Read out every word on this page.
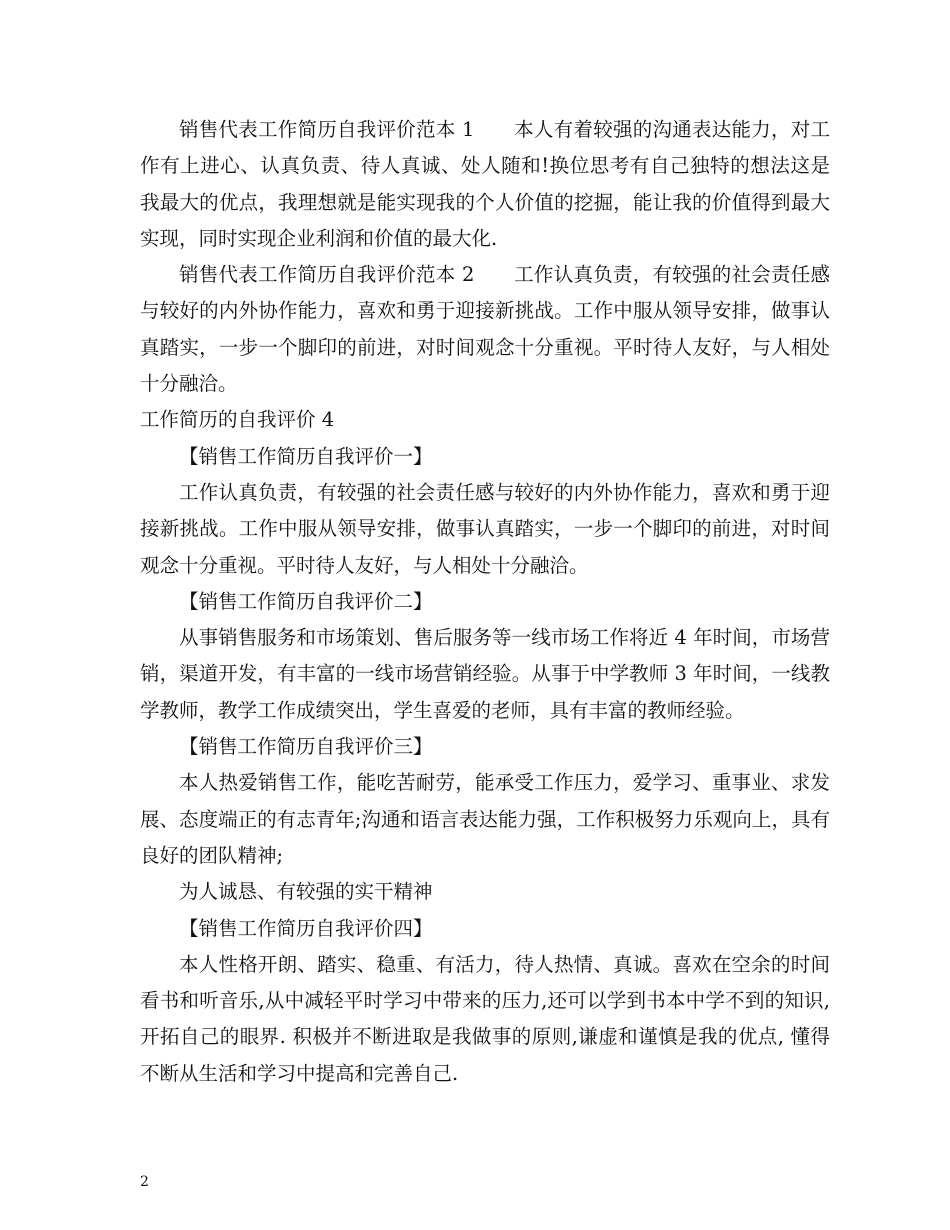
销售代表工作简历自我评价范本 1　　本人有着较强的沟通表达能力，对工作有上进心、认真负责、待人真诚、处人随和!换位思考有自己独特的想法这是我最大的优点，我理想就是能实现我的个人价值的挖掘，能让我的价值得到最大实现，同时实现企业利润和价值的最大化.

销售代表工作简历自我评价范本 2　　工作认真负责，有较强的社会责任感与较好的内外协作能力，喜欢和勇于迎接新挑战。工作中服从领导安排，做事认真踏实，一步一个脚印的前进，对时间观念十分重视。平时待人友好，与人相处十分融洽。

工作简历的自我评价 4

【销售工作简历自我评价一】

工作认真负责，有较强的社会责任感与较好的内外协作能力，喜欢和勇于迎接新挑战。工作中服从领导安排，做事认真踏实，一步一个脚印的前进，对时间观念十分重视。平时待人友好，与人相处十分融洽。

【销售工作简历自我评价二】

从事销售服务和市场策划、售后服务等一线市场工作将近 4 年时间，市场营销，渠道开发，有丰富的一线市场营销经验。从事于中学教师 3 年时间，一线教学教师，教学工作成绩突出，学生喜爱的老师，具有丰富的教师经验。

【销售工作简历自我评价三】

本人热爱销售工作，能吃苦耐劳，能承受工作压力，爱学习、重事业、求发展、态度端正的有志青年;沟通和语言表达能力强，工作积极努力乐观向上，具有良好的团队精神;

为人诚恳、有较强的实干精神

【销售工作简历自我评价四】

本人性格开朗、踏实、稳重、有活力，待人热情、真诚。喜欢在空余的时间看书和听音乐,从中减轻平时学习中带来的压力,还可以学到书本中学不到的知识,开拓自己的眼界. 积极并不断进取是我做事的原则,谦虚和谨慎是我的优点, 懂得不断从生活和学习中提高和完善自己.

2
